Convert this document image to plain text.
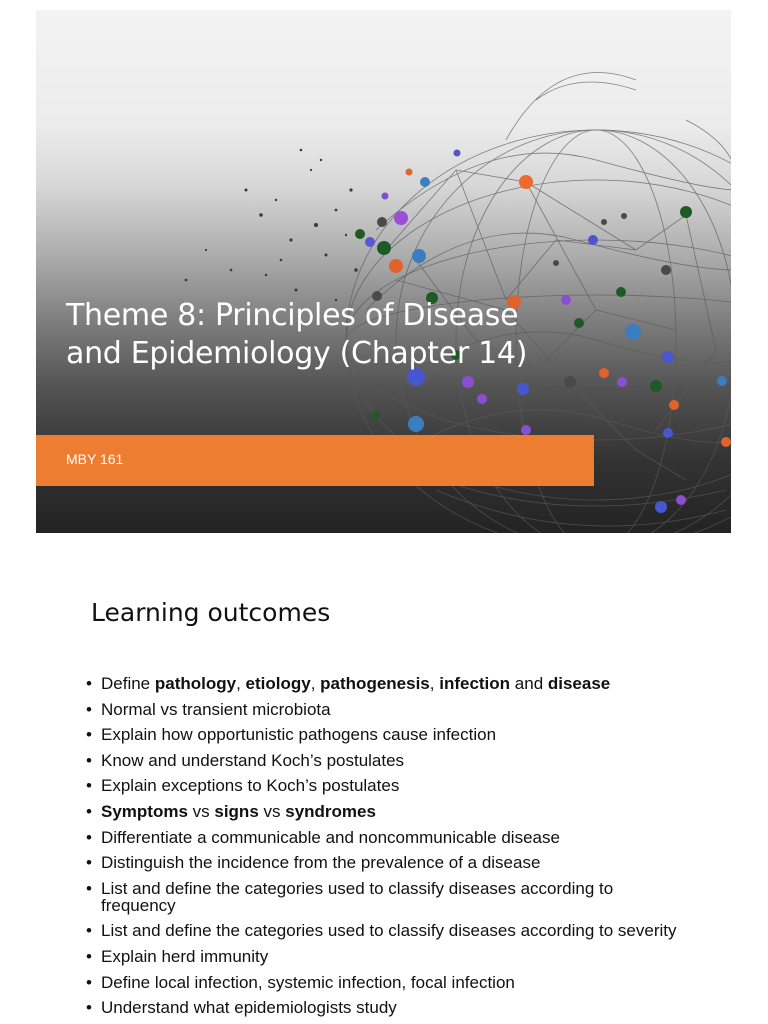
Theme 8: Principles of Disease
and Epidemiology (Chapter 14)
MBY 161
Learning outcomes
• Define pathology, etiology, pathogenesis, infection and disease
• Normal vs transient microbiota
• Explain how opportunistic pathogens cause infection
• Know and understand Koch’s postulates
• Explain exceptions to Koch’s postulates
• Symptoms vs signs vs syndromes
• Differentiate a communicable and noncommunicable disease
• Distinguish the incidence from the prevalence of a disease
• List and define the categories used to classify diseases according to frequency
• List and define the categories used to classify diseases according to severity
• Explain herd immunity
• Define local infection, systemic infection, focal infection
• Understand what epidemiologists study
